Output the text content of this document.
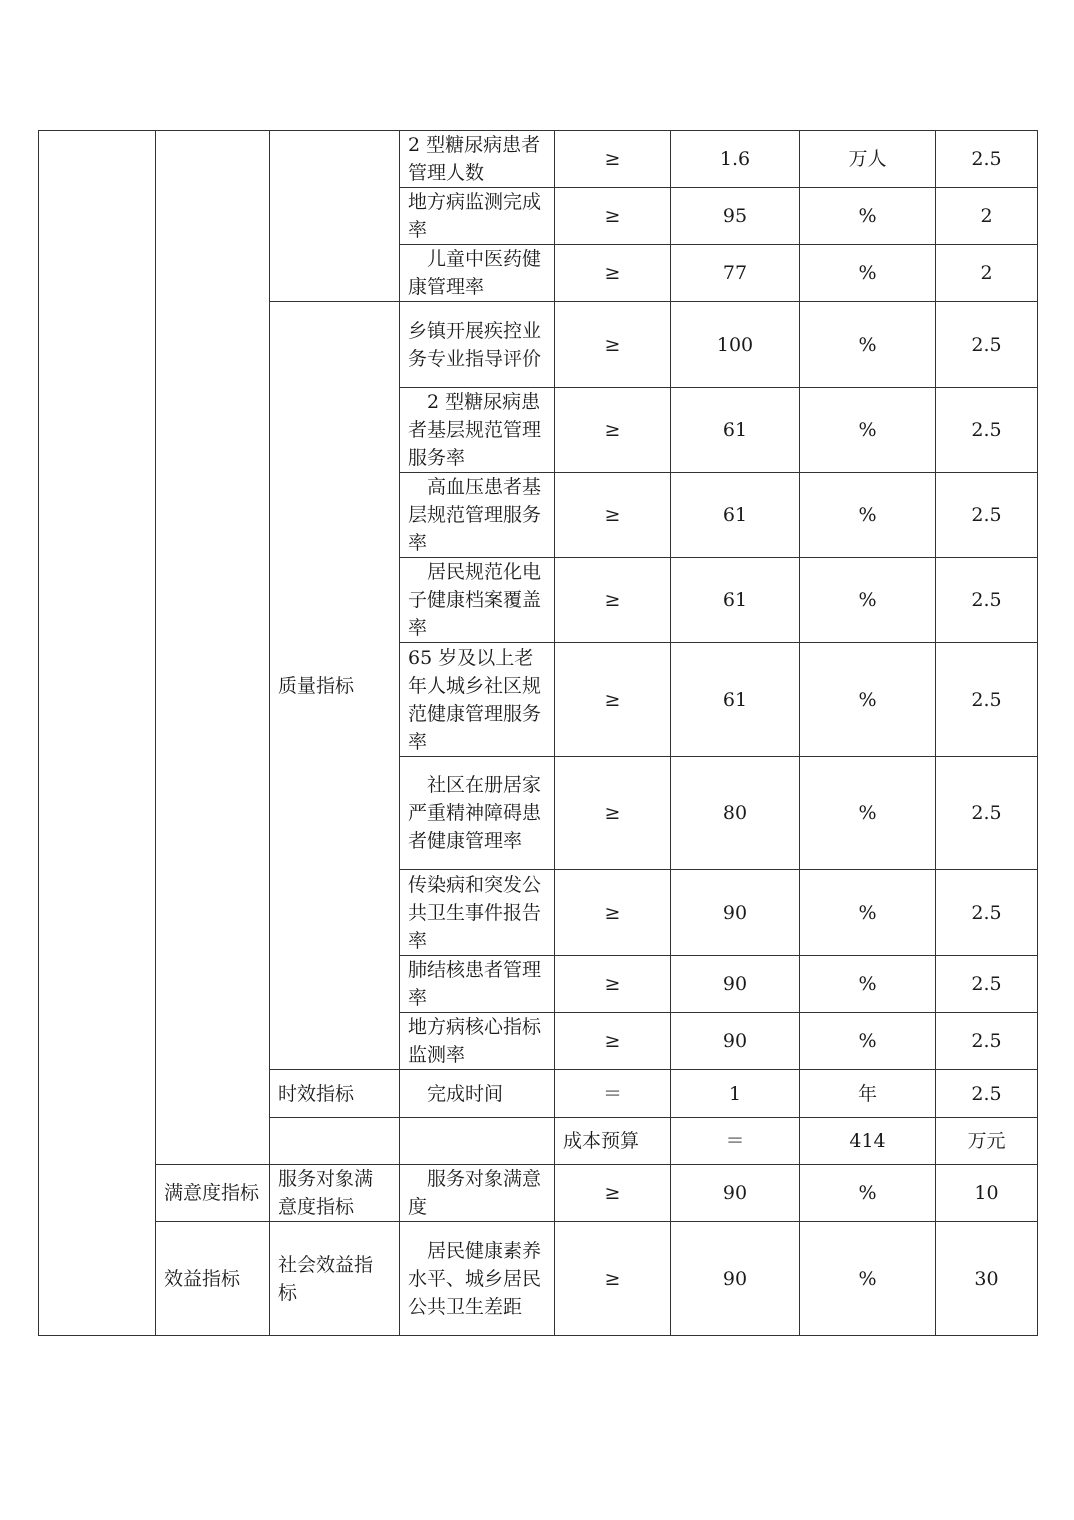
			2 型糖尿病患者管理人数	≥	1.6	万人	2.5	
			地方病监测完成率	≥	95	%	2	
			儿童中医药健康管理率	≥	77	%	2	
		质量指标	乡镇开展疾控业务专业指导评价	≥	100	%	2.5	
			2 型糖尿病患者基层规范管理服务率	≥	61	%	2.5	
			高血压患者基层规范管理服务率	≥	61	%	2.5	
			居民规范化电子健康档案覆盖率	≥	61	%	2.5	
			65 岁及以上老年人城乡社区规范健康管理服务率	≥	61	%	2.5	
			社区在册居家严重精神障碍患者健康管理率	≥	80	%	2.5	
			传染病和突发公共卫生事件报告率	≥	90	%	2.5	
			肺结核患者管理率	≥	90	%	2.5	
			地方病核心指标监测率	≥	90	%	2.5	
		时效指标	完成时间	＝	1	年	2.5	
				成本预算	＝	414	万元	
	满意度指标	服务对象满意度指标	服务对象满意度	≥	90	%	10	
	效益指标	社会效益指标	居民健康素养水平、城乡居民公共卫生差距	≥	90	%	30	
